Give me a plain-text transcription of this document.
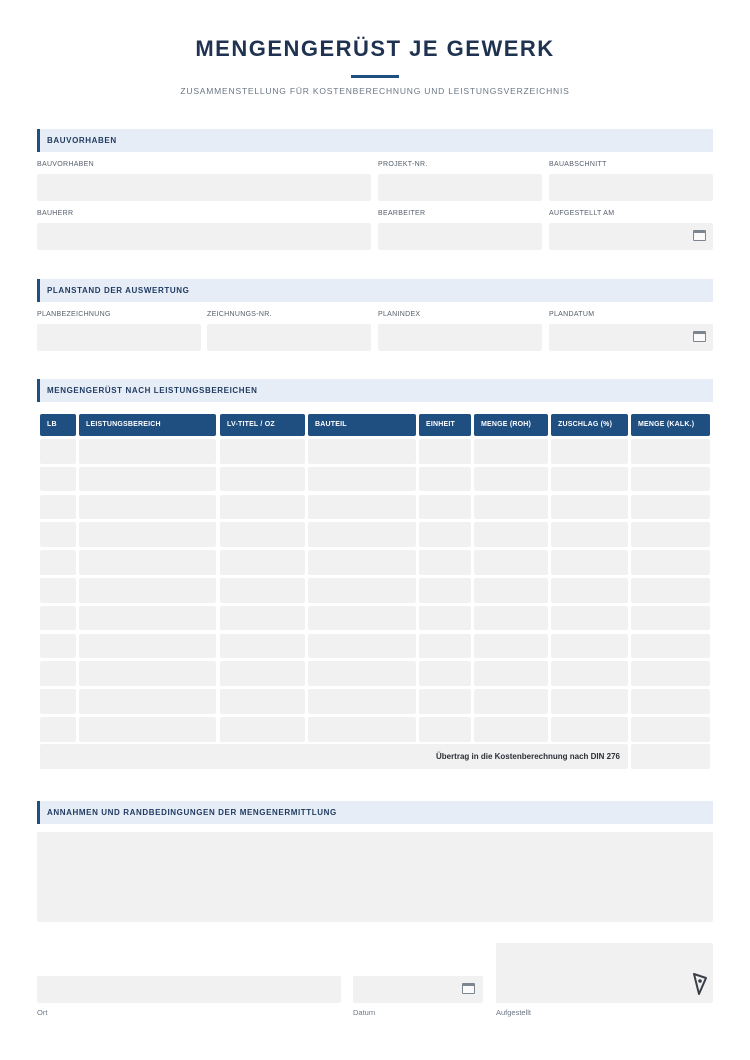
MENGENGERÜST JE GEWERK
ZUSAMMENSTELLUNG FÜR KOSTENBERECHNUNG UND LEISTUNGSVERZEICHNIS
BAUVORHABEN
BAUVORHABEN	PROJEKT-NR.	BAUABSCHNITT
BAUHERR	BEARBEITER	AUFGESTELLT AM
PLANSTAND DER AUSWERTUNG
PLANBEZEICHNUNG	ZEICHNUNGS-NR.	PLANINDEX	PLANDATUM
MENGENGERÜST NACH LEISTUNGSBEREICHEN
LB	LEISTUNGSBEREICH	LV-TITEL / OZ	BAUTEIL	EINHEIT	MENGE (ROH)	ZUSCHLAG (%)	MENGE (KALK.)
Übertrag in die Kostenberechnung nach DIN 276
ANNAHMEN UND RANDBEDINGUNGEN DER MENGENERMITTLUNG
Ort	Datum	Aufgestellt
